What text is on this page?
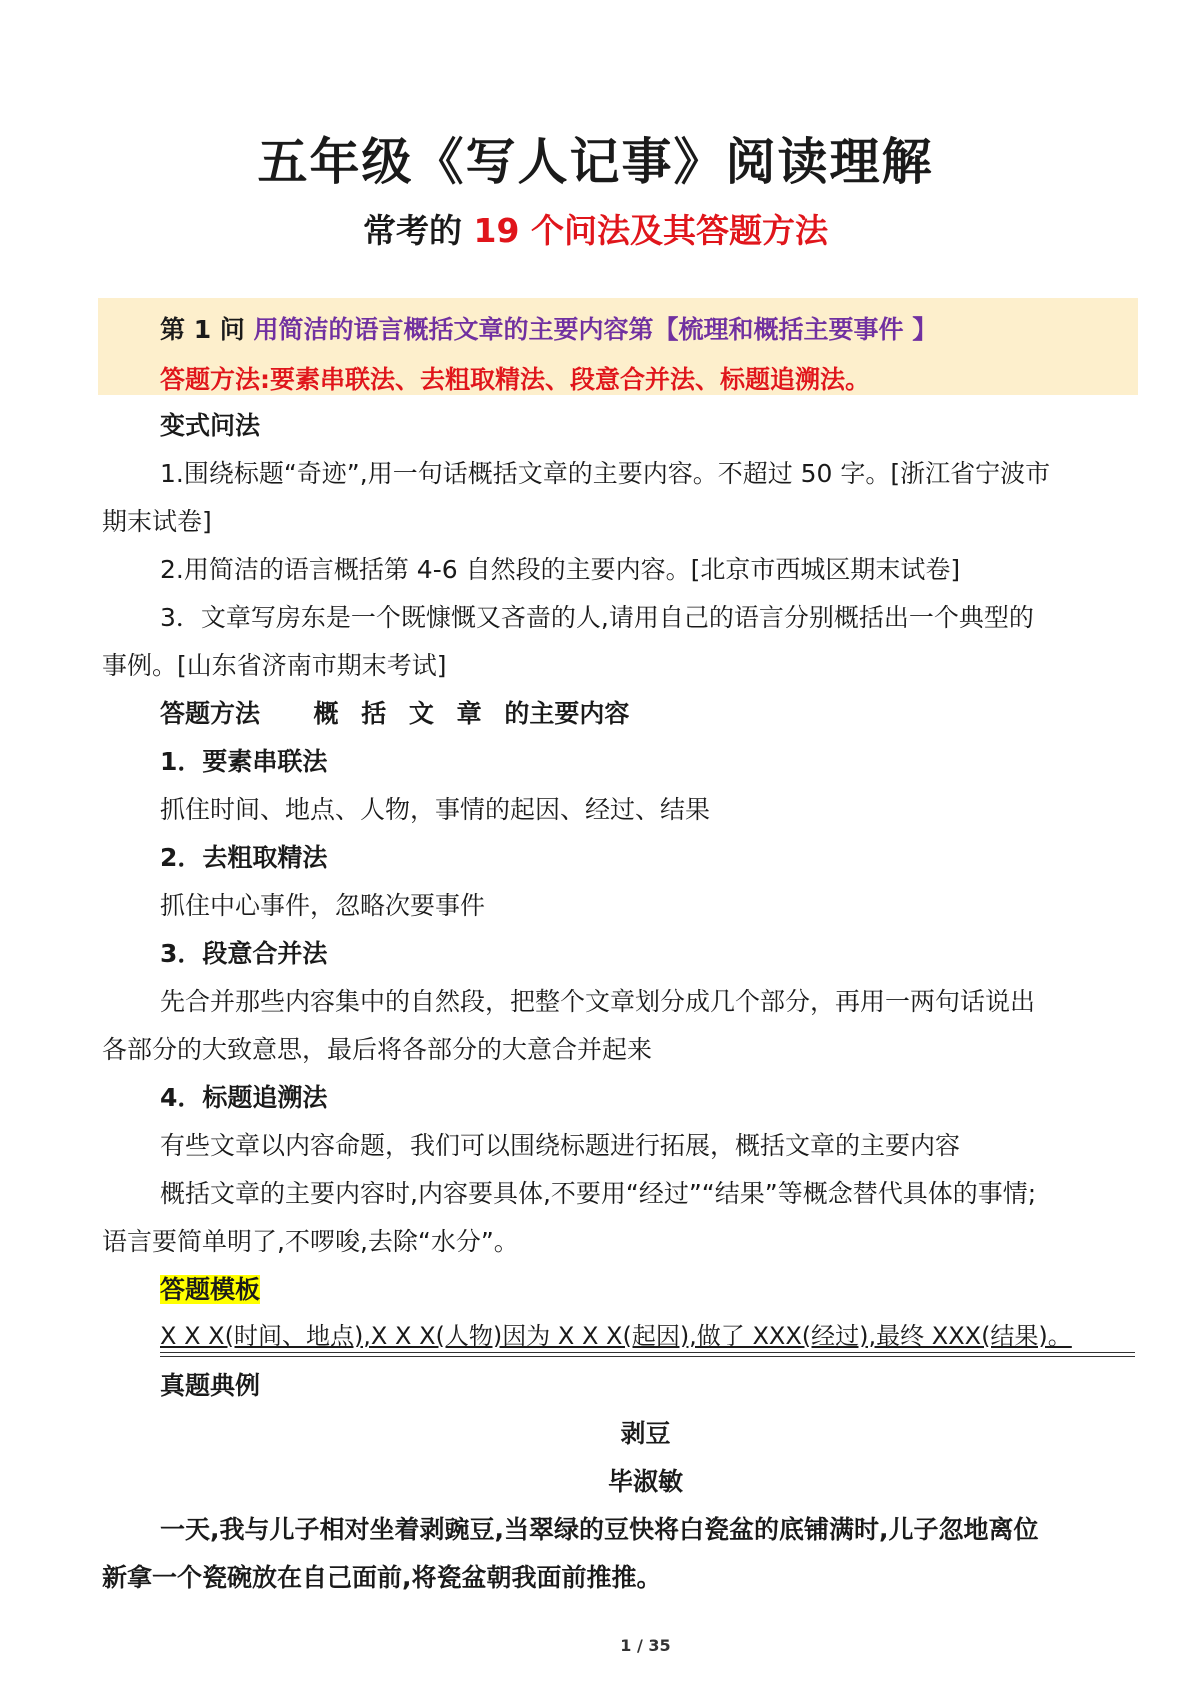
五年级《写人记事》阅读理解
常考的 19 个问法及其答题方法
第 1 问 用简洁的语言概括文章的主要内容第【梳理和概括主要事件 】
答题方法:要素串联法、去粗取精法、段意合并法、标题追溯法。
变式问法
1.围绕标题“奇迹”,用一句话概括文章的主要内容。不超过 50 字。[浙江省宁波市
期末试卷]
2.用简洁的语言概括第 4-6 自然段的主要内容。[北京市西城区期末试卷]
3．文章写房东是一个既慷慨又吝啬的人,请用自己的语言分别概括出一个典型的
事例。[山东省济南市期末考试]
答题方法 概 括 文 章 的主要内容
1．要素串联法
抓住时间、地点、人物，事情的起因、经过、结果
2．去粗取精法
抓住中心事件，忽略次要事件
3．段意合并法
先合并那些内容集中的自然段，把整个文章划分成几个部分，再用一两句话说出
各部分的大致意思，最后将各部分的大意合并起来
4．标题追溯法
有些文章以内容命题，我们可以围绕标题进行拓展，概括文章的主要内容
概括文章的主要内容时,内容要具体,不要用“经过”“结果”等概念替代具体的事情;
语言要简单明了,不啰唆,去除“水分”。
答题模板
X X X(时间、地点),X X X(人物)因为 X X X(起因),做了 XXX(经过),最终 XXX(结果)。
真题典例
剥豆
毕淑敏
一天,我与儿子相对坐着剥豌豆,当翠绿的豆快将白瓷盆的底铺满时,儿子忽地离位
新拿一个瓷碗放在自己面前,将瓷盆朝我面前推推。
1 / 35
